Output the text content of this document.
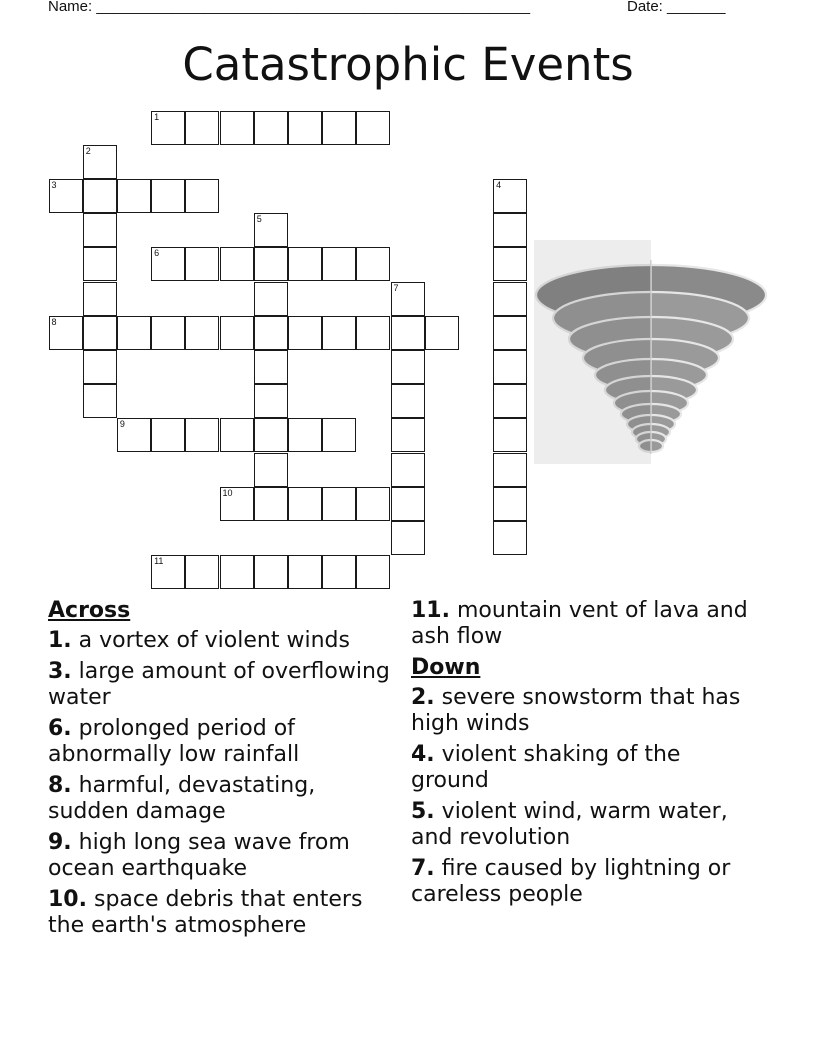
Name: ____________________________________________________	Date: _______
Catastrophic Events
1
2
3	4
5
6
7
8
9
10
11

Across

1. a vortex of violent winds

3. large amount of overflowing water

6. prolonged period of abnormally low rainfall

8. harmful, devastating, sudden damage

9. high long sea wave from ocean earthquake

10. space debris that enters the earth's atmosphere

11. mountain vent of lava and ash flow

Down

2. severe snowstorm that has high winds

4. violent shaking of the ground

5. violent wind, warm water, and revolution

7. fire caused by lightning or careless people
